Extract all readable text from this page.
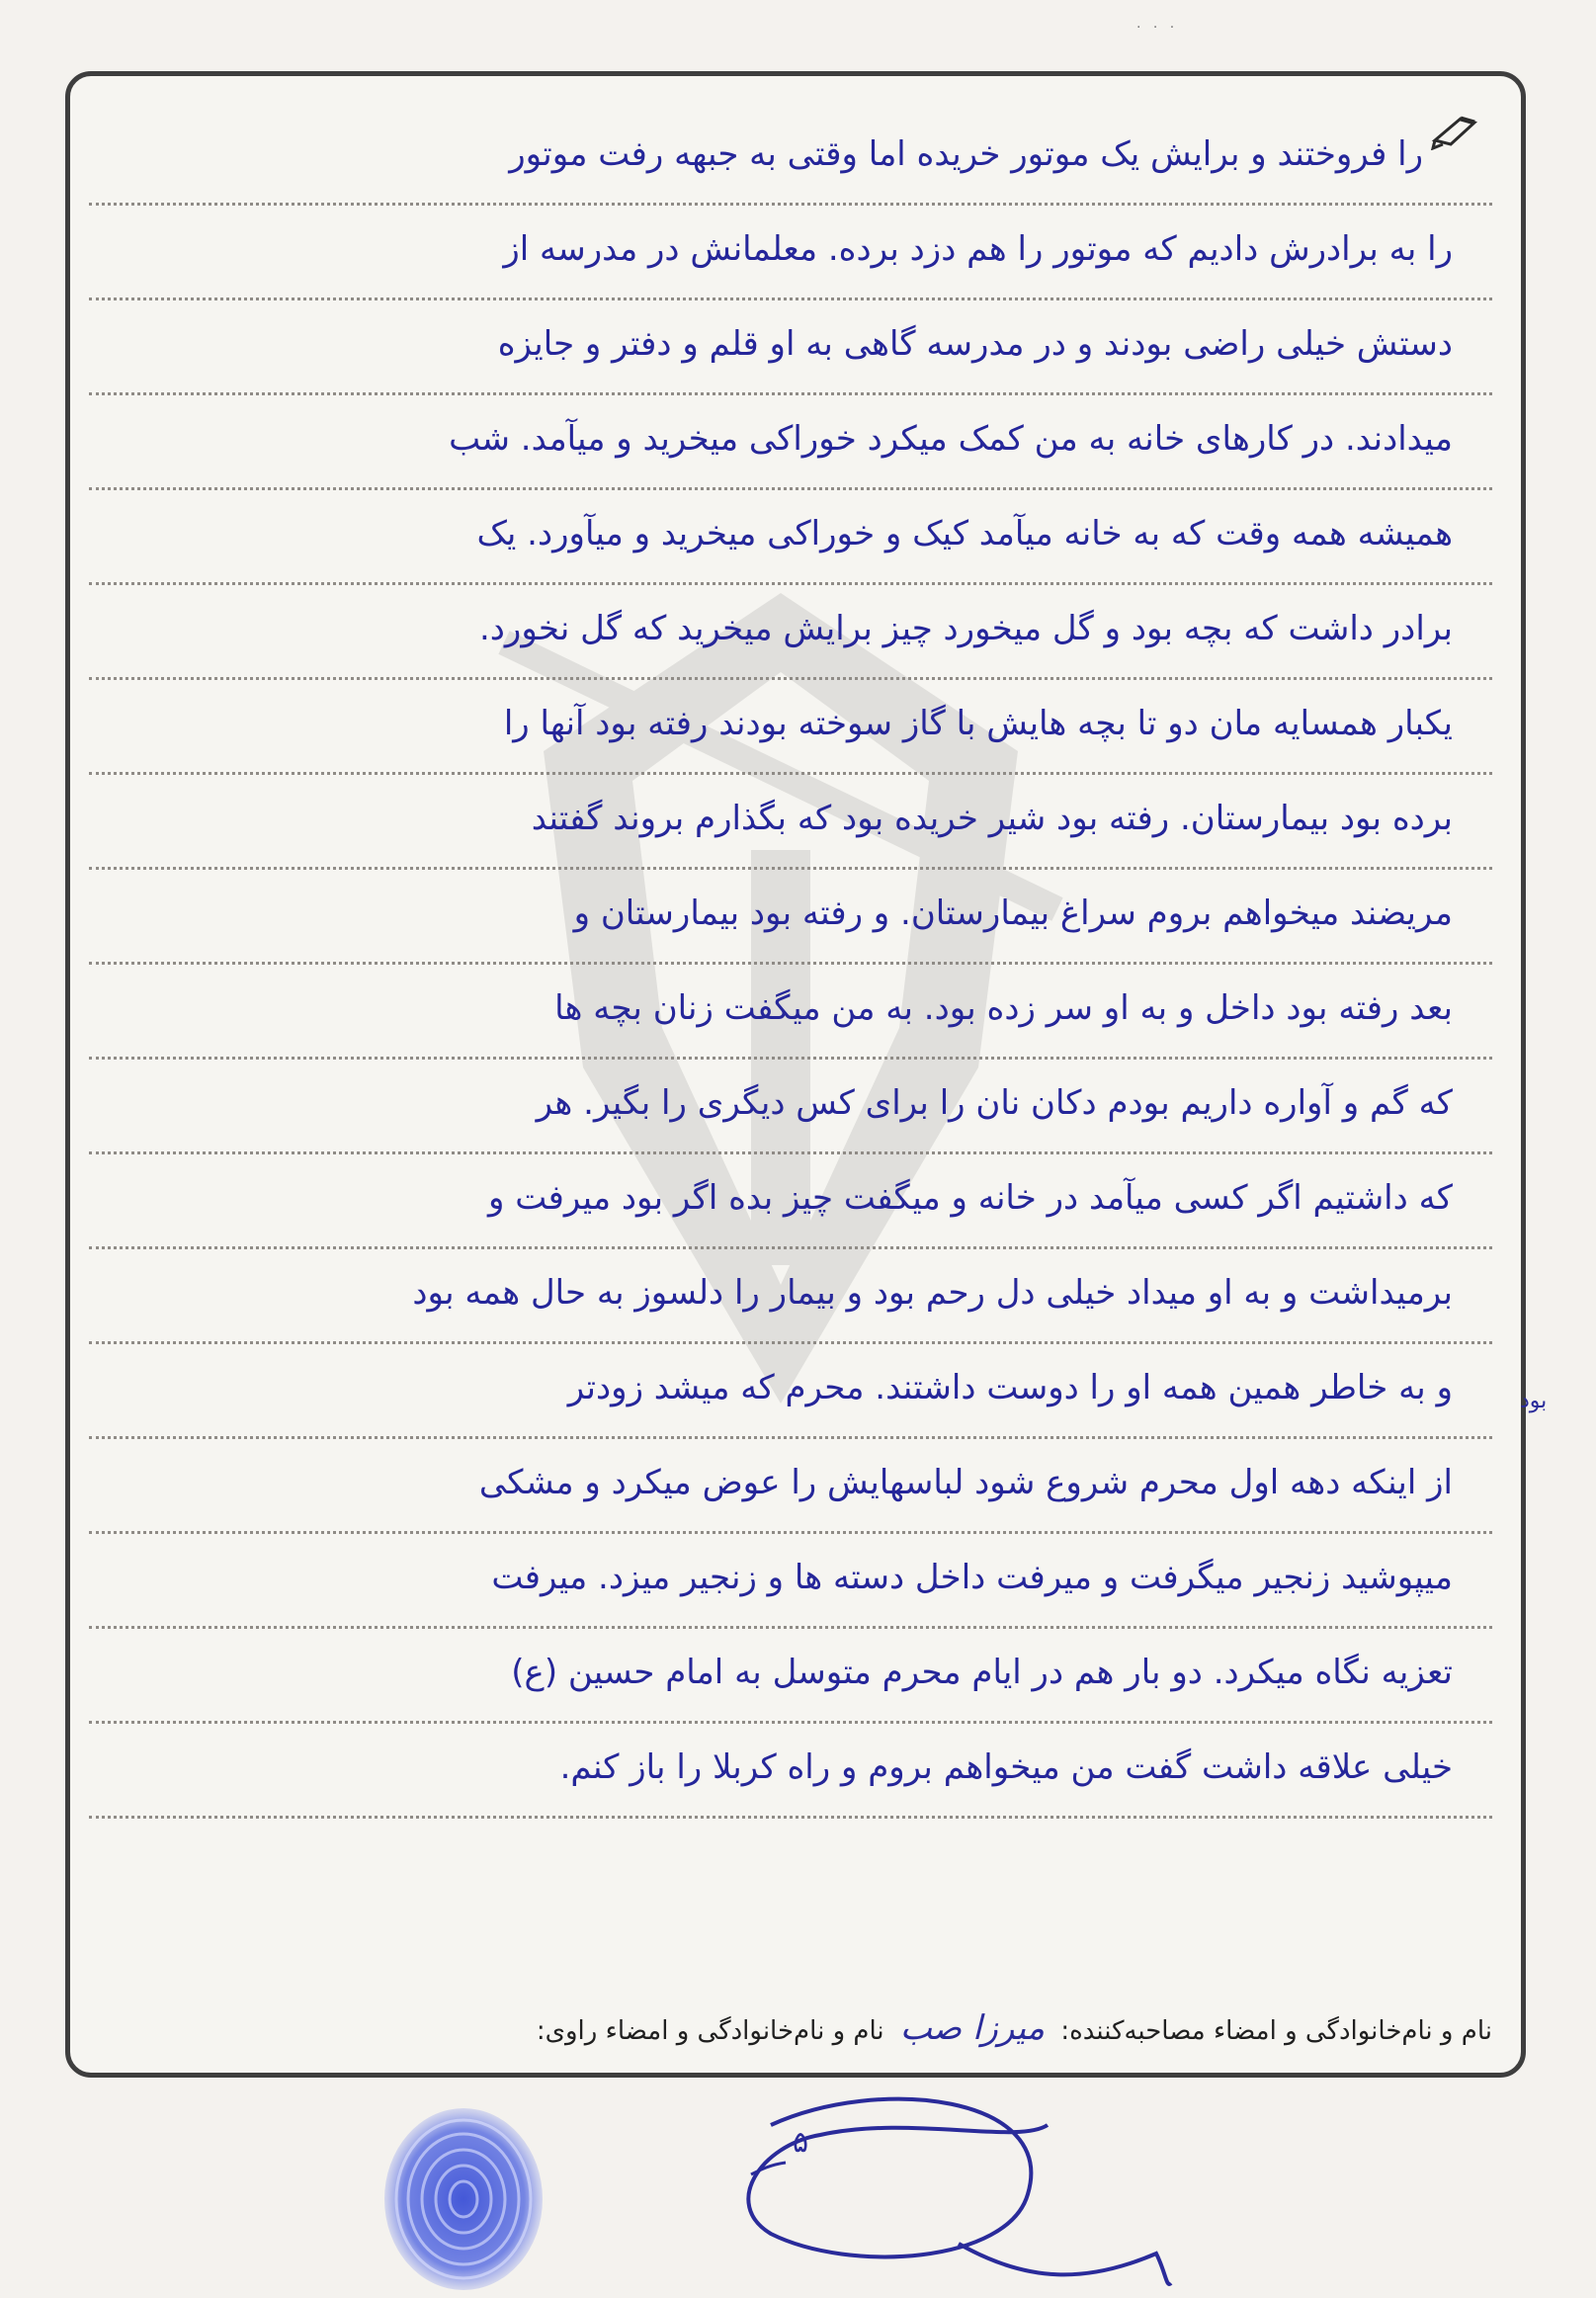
· · ·
را فروختند و برایش یک موتور خریده اما وقتی به جبهه رفت موتور
را به برادرش دادیم که موتور را هم دزد برده. معلمانش در مدرسه از
دستش خیلی راضی بودند و در مدرسه گاهی به او قلم و دفتر و جایزه
میدادند. در کارهای خانه به من کمک میکرد خوراکی میخرید و میآمد. شب
همیشه همه وقت که به خانه میآمد کیک و خوراکی میخرید و میآورد. یک
برادر داشت که بچه بود و گل میخورد چیز برایش میخرید که گل نخورد.
یکبار همسایه مان دو تا بچه هایش با گاز سوخته بودند رفته بود آنها را
برده بود بیمارستان. رفته بود شیر خریده بود که بگذارم بروند گفتند
مریضند میخواهم بروم سراغ بیمارستان. و رفته بود بیمارستان و
بعد رفته بود داخل و به او سر زده بود. به من میگفت زنان بچه ها
که گم و آواره داریم بودم دکان نان را برای کس دیگری را بگیر. هر
که داشتیم اگر کسی میآمد در خانه و میگفت چیز بده اگر بود میرفت و
برمیداشت و به او میداد خیلی دل رحم بود و بیمار را دلسوز به حال همه بود
و به خاطر همین همه او را دوست داشتند. محرم که میشد زودتر
از اینکه دهه اول محرم شروع شود لباسهایش را عوض میکرد و مشکی
میپوشید زنجیر میگرفت و میرفت داخل دسته ها و زنجیر میزد. میرفت
تعزیه نگاه میکرد. دو بار هم در ایام محرم متوسل به امام حسین (ع)
خیلی علاقه داشت گفت من میخواهم بروم و راه کربلا را باز کنم.
بود
نام و نام‌خانوادگی و امضاء مصاحبه‌کننده: میرزا صب نام و نام‌خانوادگی و امضاء راوی:
۵
